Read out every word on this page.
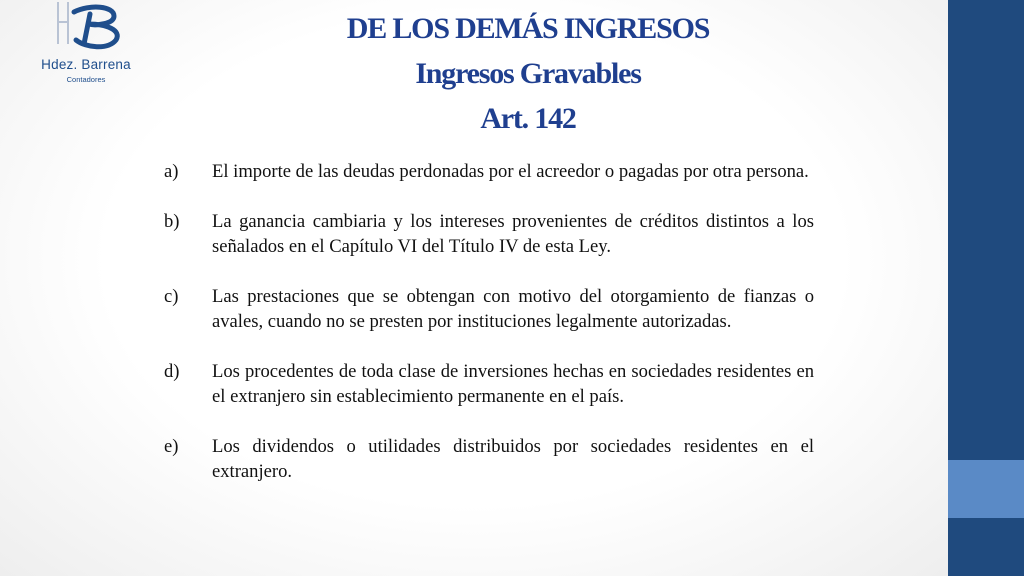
Hdez. Barrena
Contadores
DE LOS DEMÁS INGRESOS
Ingresos Gravables
Art. 142
a) El importe de las deudas perdonadas por el acreedor o pagadas por otra persona.
b) La ganancia cambiaria y los intereses provenientes de créditos distintos a los señalados en el Capítulo VI del Título IV de esta Ley.
c) Las prestaciones que se obtengan con motivo del otorgamiento de fianzas o avales, cuando no se presten por instituciones legalmente autorizadas.
d) Los procedentes de toda clase de inversiones hechas en sociedades residentes en el extranjero sin establecimiento permanente en el país.
e) Los dividendos o utilidades distribuidos por sociedades residentes en el extranjero.
